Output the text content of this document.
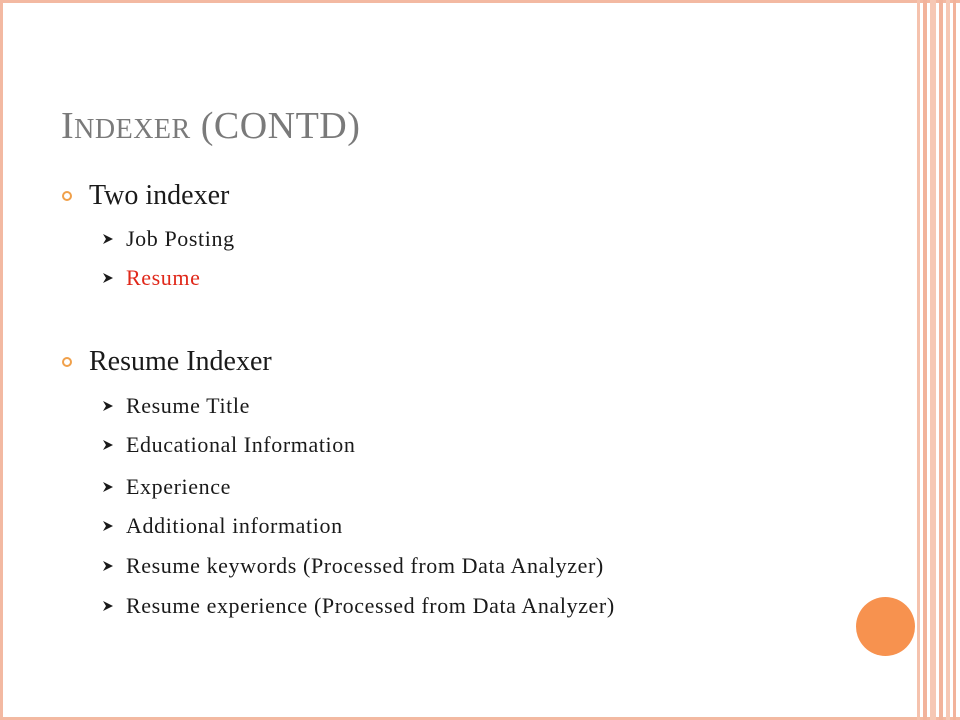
INDEXER (CONTD)
Two indexer
Job Posting
Resume
Resume Indexer
Resume Title
Educational Information
Experience
Additional information
Resume keywords (Processed from Data Analyzer)
Resume experience (Processed from Data Analyzer)
